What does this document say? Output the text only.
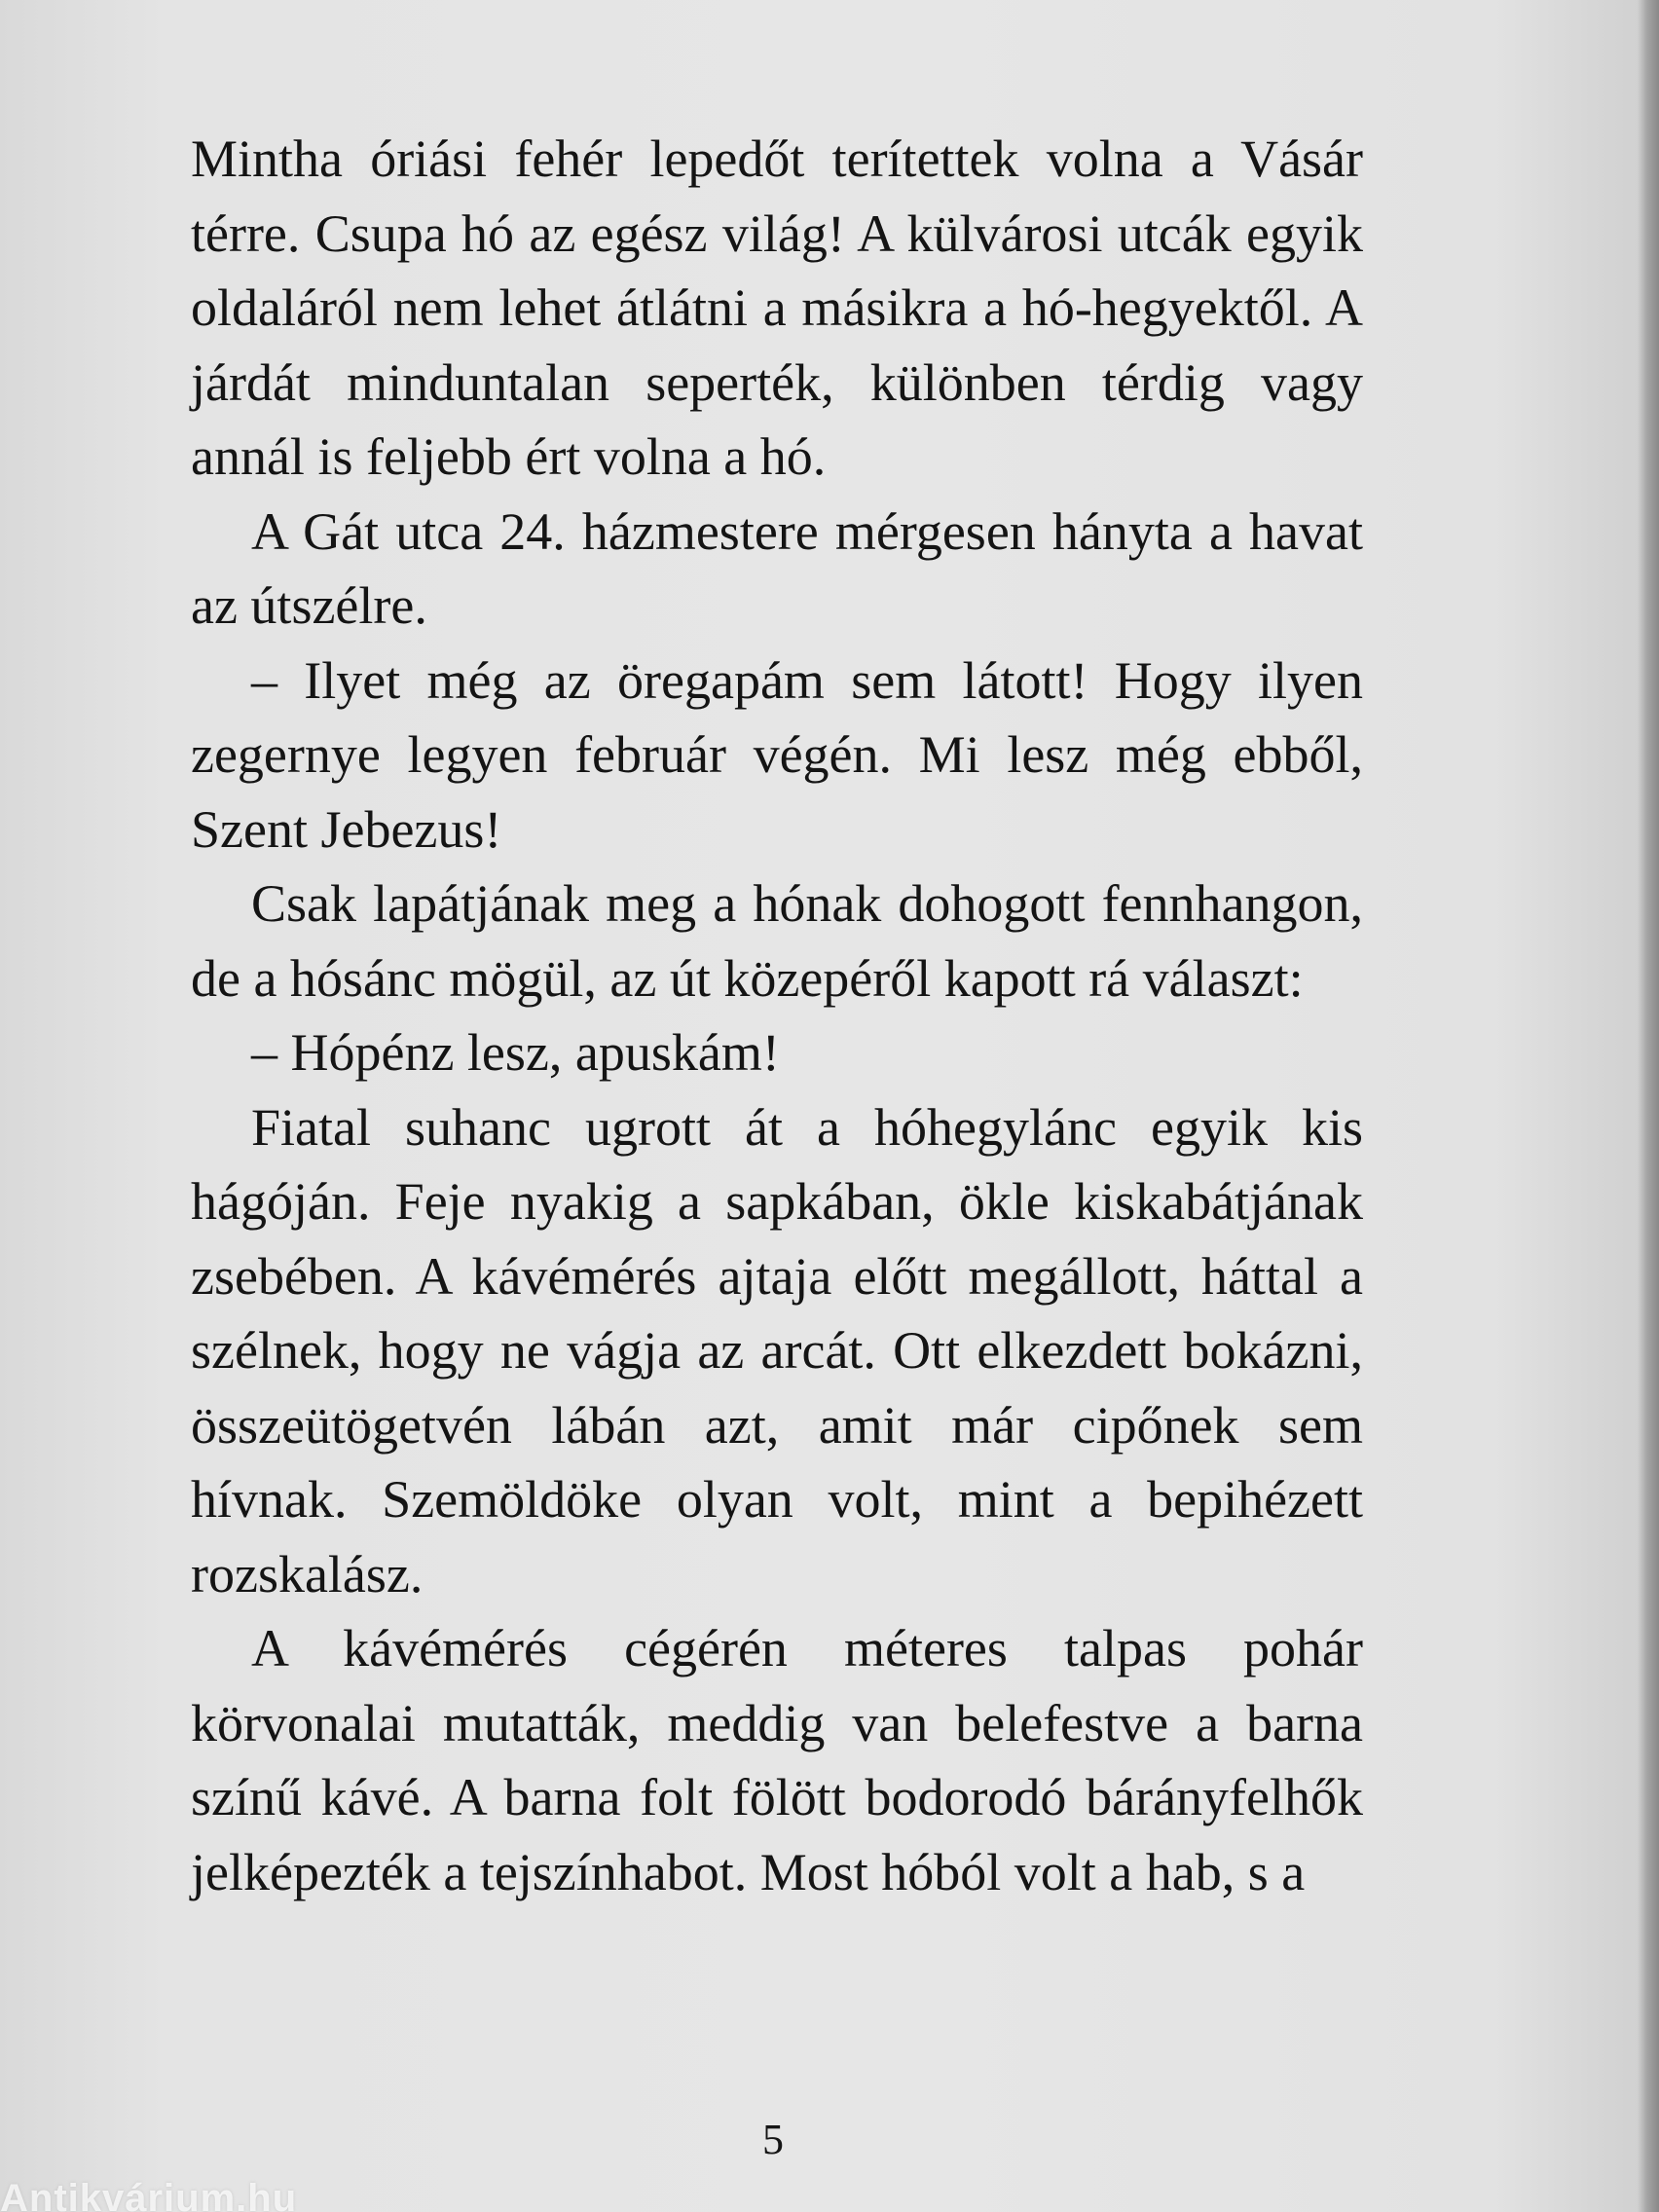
Mintha óriási fehér lepedőt terítettek volna a Vásár térre. Csupa hó az egész világ! A külvárosi utcák egyik oldaláról nem lehet átlátni a másikra a hó-hegyektől. A járdát minduntalan seperték, különben térdig vagy annál is feljebb ért volna a hó.

A Gát utca 24. házmestere mérgesen hányta a havat az útszélre.

– Ilyet még az öregapám sem látott! Hogy ilyen zegernye legyen február végén. Mi lesz még ebből, Szent Jebezus!

Csak lapátjának meg a hónak dohogott fennhangon, de a hósánc mögül, az út közepéről kapott rá választ:

– Hópénz lesz, apuskám!

Fiatal suhanc ugrott át a hóhegylánc egyik kis hágóján. Feje nyakig a sapkában, ökle kiskabátjának zsebében. A kávémérés ajtaja előtt megállott, háttal a szélnek, hogy ne vágja az arcát. Ott elkezdett bokázni, összeütögetvén lábán azt, amit már cipőnek sem hívnak. Szemöldöke olyan volt, mint a bepihézett rozskalász.

A kávémérés cégérén méteres talpas pohár körvonalai mutatták, meddig van belefestve a barna színű kávé. A barna folt fölött bodorodó bárányfelhők jelképezték a tejszínhabot. Most hóból volt a hab, s a

5
Antikvárium.hu
